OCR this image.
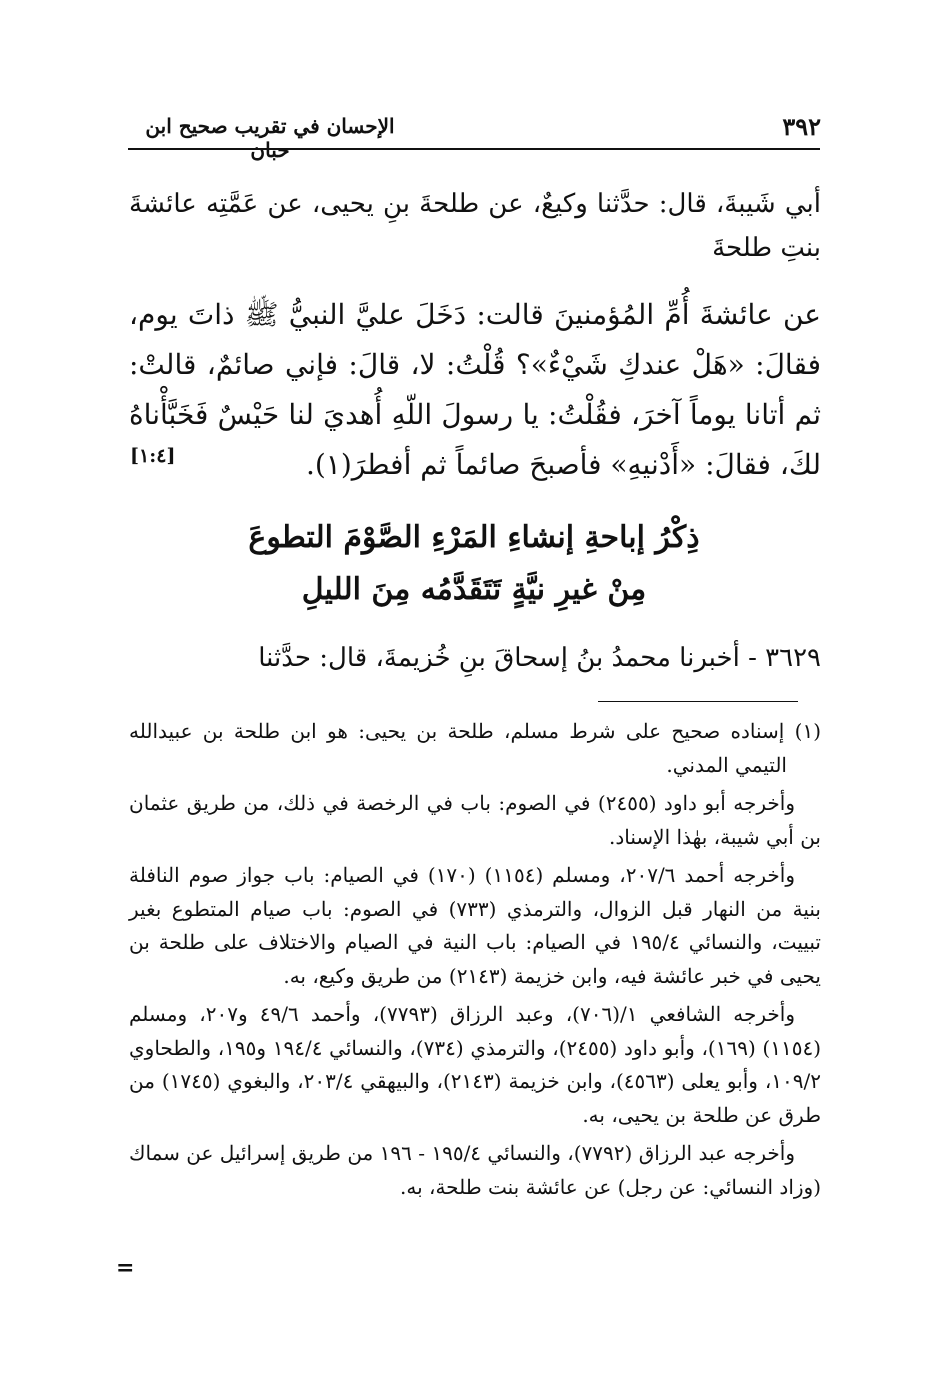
٣٩٢
الإحسان في تقريب صحيح ابن حبان
أبي شَيبةَ، قال: حدَّثنا وكيعٌ، عن طلحةَ بنِ يحيى، عن عَمَّتِه عائشةَ بنتِ طلحةَ
عن عائشةَ أُمِّ المُؤمنينَ قالت: دَخَلَ عليَّ النبيُّ ﷺ ذاتَ يوم، فقالَ: «هَلْ عندكِ شَيْءٌ»؟ قُلْتُ: لا، قالَ: فإني صائمٌ، قالتْ: ثم أتانا يوماً آخرَ، فقُلْتُ: يا رسولَ اللّهِ أُهديَ لنا حَيْسٌ فَخَبَّأْناهُ لكَ، فقالَ: «أَدْنيهِ» فأصبحَ صائماً ثم أفطرَ(١).
[١:٤]
ذِكْرُ إباحةِ إنشاءِ المَرْءِ الصَّوْمَ التطوعَ
مِنْ غيرِ نيَّةٍ تَتَقَدَّمُه مِنَ الليلِ
٣٦٢٩ - أخبرنا محمدُ بنُ إسحاقَ بنِ خُزيمةَ، قال: حدَّثنا

(١) إسناده صحيح على شرط مسلم، طلحة بن يحيى: هو ابن طلحة بن عبيدالله التيمي المدني.

وأخرجه أبو داود (٢٤٥٥) في الصوم: باب في الرخصة في ذلك، من طريق عثمان بن أبي شيبة، بهٰذا الإسناد.

وأخرجه أحمد ٢٠٧/٦، ومسلم (١١٥٤) (١٧٠) في الصيام: باب جواز صوم النافلة بنية من النهار قبل الزوال، والترمذي (٧٣٣) في الصوم: باب صيام المتطوع بغير تبييت، والنسائي ١٩٥/٤ في الصيام: باب النية في الصيام والاختلاف على طلحة بن يحيى في خبر عائشة فيه، وابن خزيمة (٢١٤٣) من طريق وكيع، به.

وأخرجه الشافعي ١/(٧٠٦)، وعبد الرزاق (٧٧٩٣)، وأحمد ٤٩/٦ و٢٠٧، ومسلم (١١٥٤) (١٦٩)، وأبو داود (٢٤٥٥)، والترمذي (٧٣٤)، والنسائي ١٩٤/٤ و١٩٥، والطحاوي ١٠٩/٢، وأبو يعلى (٤٥٦٣)، وابن خزيمة (٢١٤٣)، والبيهقي ٢٠٣/٤، والبغوي (١٧٤٥) من طرق عن طلحة بن يحيى، به.

وأخرجه عبد الرزاق (٧٧٩٢)، والنسائي ١٩٥/٤ - ١٩٦ من طريق إسرائيل عن سماك (وزاد النسائي: عن رجل) عن عائشة بنت طلحة، به.

=
